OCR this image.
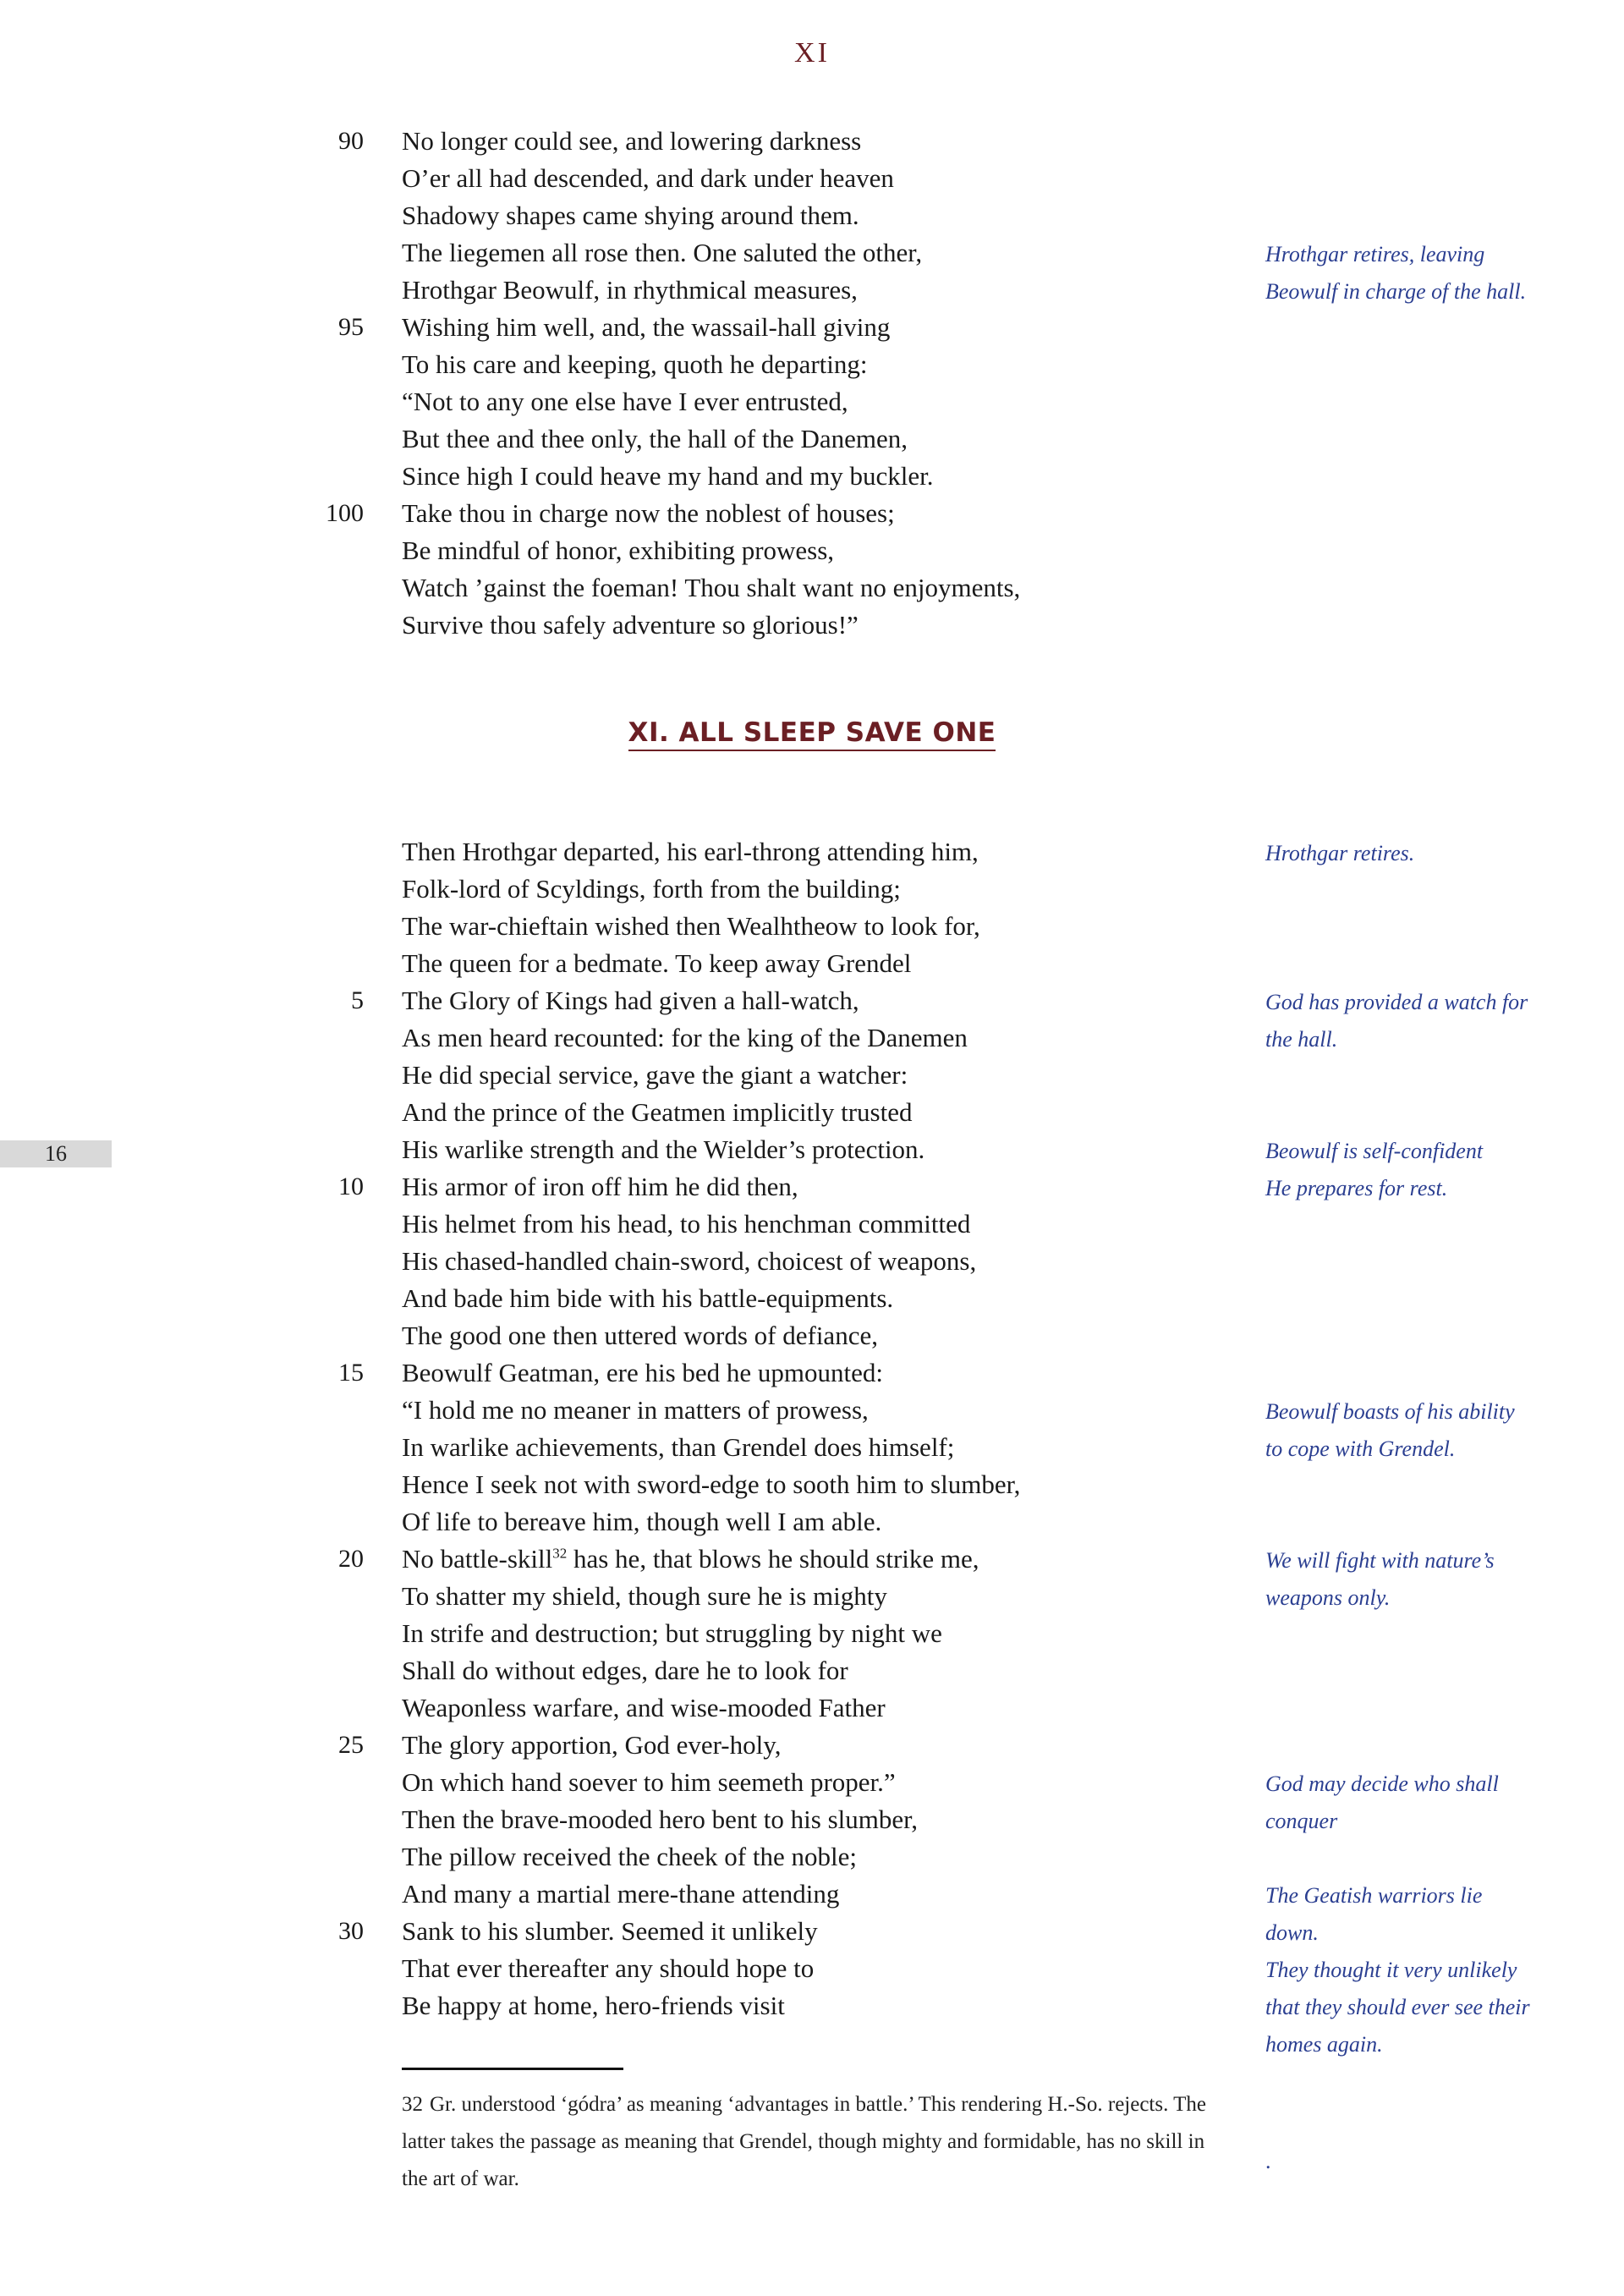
XI
90 No longer could see, and lowering darkness
O’er all had descended, and dark under heaven
Shadowy shapes came shying around them.
The liegemen all rose then. One saluted the other,
Hrothgar Beowulf, in rhythmical measures,
95 Wishing him well, and, the wassail-hall giving
To his care and keeping, quoth he departing:
“Not to any one else have I ever entrusted,
But thee and thee only, the hall of the Danemen,
Since high I could heave my hand and my buckler.
100 Take thou in charge now the noblest of houses;
Be mindful of honor, exhibiting prowess,
Watch ’gainst the foeman! Thou shalt want no enjoyments,
Survive thou safely adventure so glorious!”
Hrothgar retires, leaving
Beowulf in charge of the hall.
XI. ALL SLEEP SAVE ONE
Then Hrothgar departed, his earl-throng attending him,
Folk-lord of Scyldings, forth from the building;
The war-chieftain wished then Wealhtheow to look for,
The queen for a bedmate. To keep away Grendel
5 The Glory of Kings had given a hall-watch,
As men heard recounted: for the king of the Danemen
He did special service, gave the giant a watcher:
And the prince of the Geatmen implicitly trusted
His warlike strength and the Wielder’s protection.
10 His armor of iron off him he did then,
His helmet from his head, to his henchman committed
His chased-handled chain-sword, choicest of weapons,
And bade him bide with his battle-equipments.
The good one then uttered words of defiance,
15 Beowulf Geatman, ere his bed he upmounted:
“I hold me no meaner in matters of prowess,
In warlike achievements, than Grendel does himself;
Hence I seek not with sword-edge to sooth him to slumber,
Of life to bereave him, though well I am able.
20 No battle-skill$^{32}$ has he, that blows he should strike me,
To shatter my shield, though sure he is mighty
In strife and destruction; but struggling by night we
Shall do without edges, dare he to look for
Weaponless warfare, and wise-mooded Father
25 The glory apportion, God ever-holy,
On which hand soever to him seemeth proper.”
Then the brave-mooded hero bent to his slumber,
The pillow received the cheek of the noble;
And many a martial mere-thane attending
30 Sank to his slumber. Seemed it unlikely
That ever thereafter any should hope to
Be happy at home, hero-friends visit
Hrothgar retires.
God has provided a watch for
the hall.
Beowulf is self-confident
He prepares for rest.
Beowulf boasts of his ability
to cope with Grendel.
We will fight with nature’s
weapons only.
God may decide who shall
conquer
The Geatish warriors lie
down.
They thought it very unlikely
that they should ever see their
homes again.
16
32 Gr. understood ‘gódra’ as meaning ‘advantages in battle.’ This rendering H.-So. rejects. The latter takes the passage as meaning that Grendel, though mighty and formidable, has no skill in the art of war.
.
